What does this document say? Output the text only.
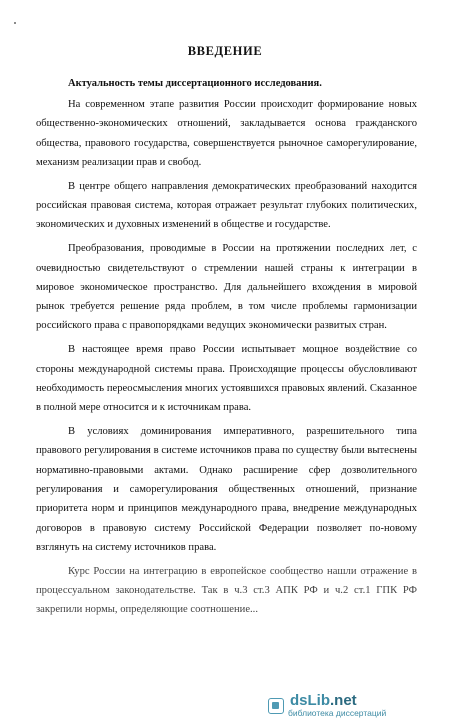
ВВЕДЕНИЕ
Актуальность темы диссертационного исследования.

На современном этапе развития России происходит формирование новых общественно-экономических отношений, закладывается основа гражданского общества, правового государства, совершенствуется рыночное саморегулирование, механизм реализации прав и свобод.

В центре общего направления демократических преобразований находится российская правовая система, которая отражает результат глубоких политических, экономических и духовных изменений в обществе и государстве.

Преобразования, проводимые в России на протяжении последних лет, с очевидностью свидетельствуют о стремлении нашей страны к интеграции в мировое экономическое пространство. Для дальнейшего вхождения в мировой рынок требуется решение ряда проблем, в том числе проблемы гармонизации российского права с правопорядками ведущих экономически развитых стран.

В настоящее время право России испытывает мощное воздействие со стороны международной системы права. Происходящие процессы обусловливают необходимость переосмысления многих устоявшихся правовых явлений. Сказанное в полной мере относится и к источникам права.

В условиях доминирования императивного, разрешительного типа правового регулирования в системе источников права по существу были вытеснены нормативно-правовыми актами. Однако расширение сфер дозволительного регулирования и саморегулирования общественных отношений, признание приоритета норм и принципов международного права, внедрение международных договоров в правовую систему Российской Федерации позволяет по-новому взглянуть на систему источников права.

Курс России на интеграцию в европейское сообщество нашли отражение в процессуальном законодательстве. Так в ч.3 ст.3 АПК РФ и ч.2 ст.1 ГПК РФ закрепили нормы, определяющие соотношение...

dsLib.net
библиотека диссертаций
